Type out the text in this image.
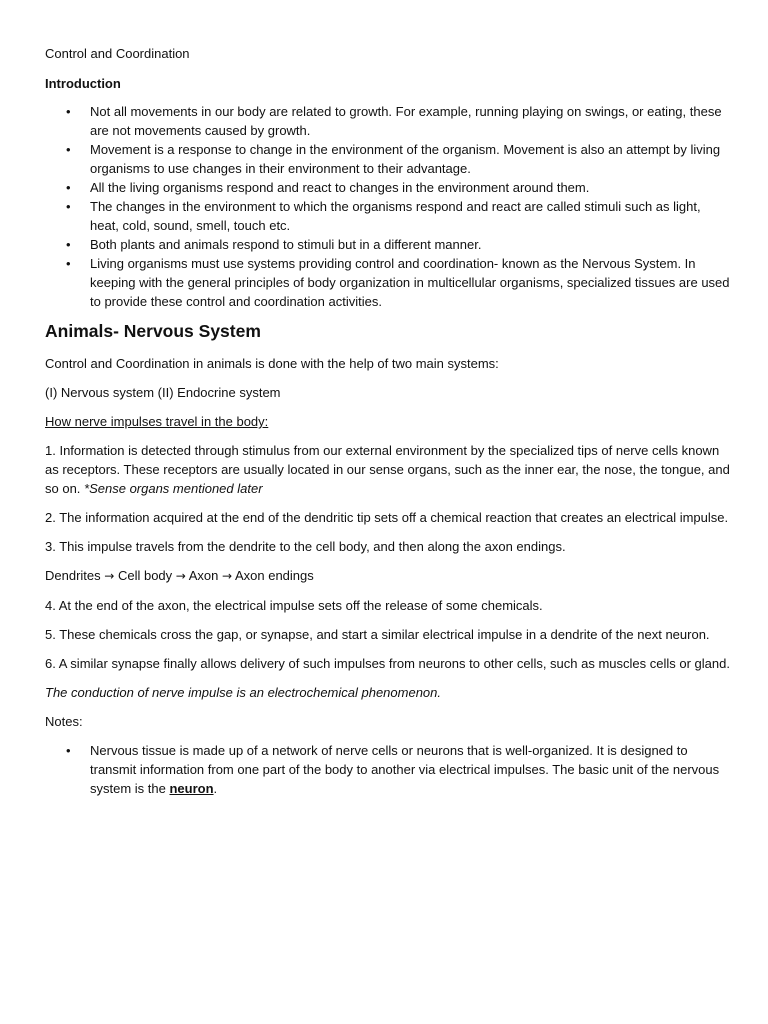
Control and Coordination
Introduction
• Not all movements in our body are related to growth. For example, running playing on swings, or eating, these are not movements caused by growth.
• Movement is a response to change in the environment of the organism. Movement is also an attempt by living organisms to use changes in their environment to their advantage.
• All the living organisms respond and react to changes in the environment around them.
• The changes in the environment to which the organisms respond and react are called stimuli such as light, heat, cold, sound, smell, touch etc.
• Both plants and animals respond to stimuli but in a different manner.
• Living organisms must use systems providing control and coordination- known as the Nervous System. In keeping with the general principles of body organization in multicellular organisms, specialized tissues are used to provide these control and coordination activities.
Animals- Nervous System

Control and Coordination in animals is done with the help of two main systems:

(I) Nervous system (II) Endocrine system

How nerve impulses travel in the body:

1. Information is detected through stimulus from our external environment by the specialized tips of nerve cells known as receptors. These receptors are usually located in our sense organs, such as the inner ear, the nose, the tongue, and so on. *Sense organs mentioned later

2. The information acquired at the end of the dendritic tip sets off a chemical reaction that creates an electrical impulse.

3. This impulse travels from the dendrite to the cell body, and then along the axon endings.

Dendrites → Cell body → Axon → Axon endings

4. At the end of the axon, the electrical impulse sets off the release of some chemicals.

5. These chemicals cross the gap, or synapse, and start a similar electrical impulse in a dendrite of the next neuron.

6. A similar synapse finally allows delivery of such impulses from neurons to other cells, such as muscles cells or gland.

The conduction of nerve impulse is an electrochemical phenomenon.

Notes:

• Nervous tissue is made up of a network of nerve cells or neurons that is well-organized. It is designed to transmit information from one part of the body to another via electrical impulses. The basic unit of the nervous system is the neuron.
